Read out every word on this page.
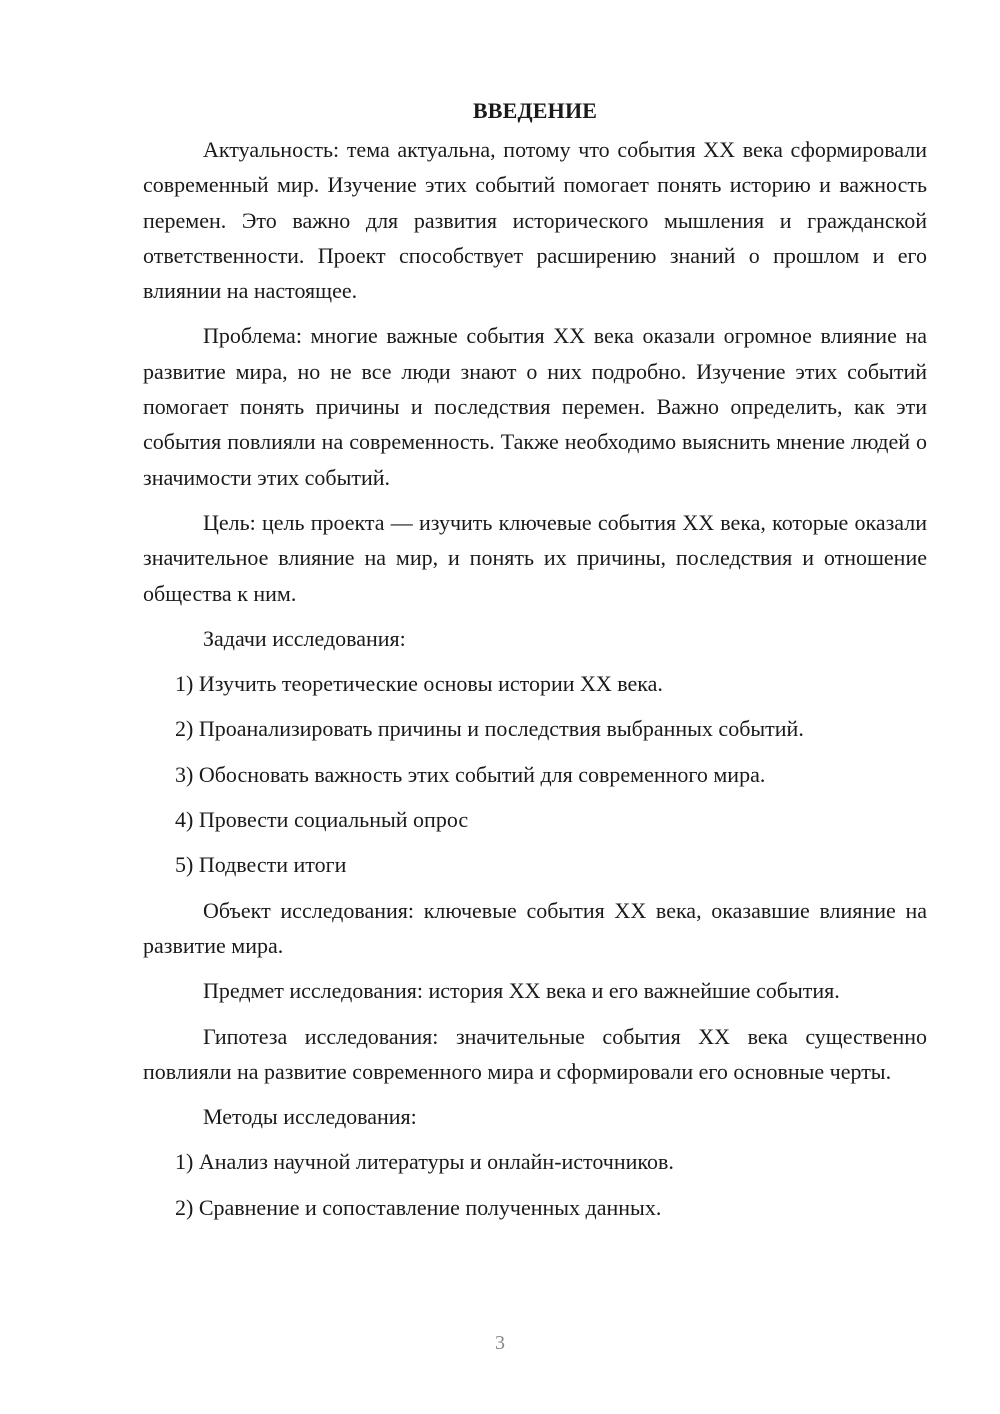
ВВЕДЕНИЕ

Актуальность: тема актуальна, потому что события XX века сформировали современный мир. Изучение этих событий помогает понять историю и важность перемен. Это важно для развития исторического мышления и гражданской ответственности. Проект способствует расширению знаний о прошлом и его влиянии на настоящее.

Проблема: многие важные события XX века оказали огромное влияние на развитие мира, но не все люди знают о них подробно. Изучение этих событий помогает понять причины и последствия перемен. Важно определить, как эти события повлияли на современность. Также необходимо выяснить мнение людей о значимости этих событий.

Цель: цель проекта — изучить ключевые события XX века, которые оказали значительное влияние на мир, и понять их причины, последствия и отношение общества к ним.

Задачи исследования:

1) Изучить теоретические основы истории XX века.

2) Проанализировать причины и последствия выбранных событий.

3) Обосновать важность этих событий для современного мира.

4) Провести социальный опрос

5) Подвести итоги

Объект исследования: ключевые события XX века, оказавшие влияние на развитие мира.

Предмет исследования: история XX века и его важнейшие события.

Гипотеза исследования: значительные события XX века существенно повлияли на развитие современного мира и сформировали его основные черты.

Методы исследования:

1) Анализ научной литературы и онлайн-источников.

2) Сравнение и сопоставление полученных данных.

3
